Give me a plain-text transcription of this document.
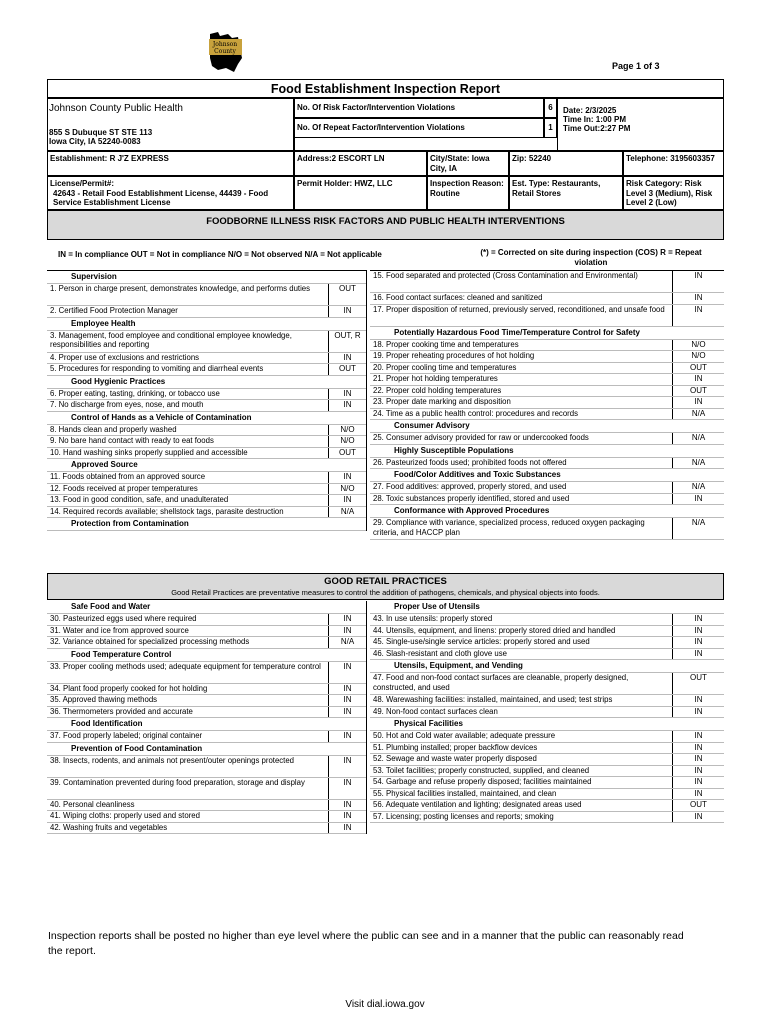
Johnson
County
Page 1 of 3
Food Establishment Inspection Report
Johnson County Public Health
855 S Dubuque ST STE 113
Iowa City, IA 52240-0083
No. Of Risk Factor/Intervention Violations	6
No. Of Repeat Factor/Intervention Violations	1
Date: 2/3/2025
Time In: 1:00 PM
Time Out:2:27 PM
Establishment: R J'Z EXPRESS	Address:2 ESCORT LN	City/State: Iowa City, IA
Zip: 52240	Telephone: 3195603357
License/Permit#:
42643 - Retail Food Establishment License, 44439 - Food Service Establishment License
Permit Holder: HWZ, LLC	Inspection Reason: Routine
Est. Type: Restaurants, Retail Stores
Risk Category: Risk Level 3 (Medium), Risk Level 2 (Low)
FOODBORNE ILLNESS RISK FACTORS AND PUBLIC HEALTH INTERVENTIONS
IN = In compliance OUT = Not in compliance N/O = Not observed N/A = Not applicable	(*) = Corrected on site during inspection (COS) R = Repeat violation
Supervision
1. Person in charge present, demonstrates knowledge, and performs duties	OUT
2. Certified Food Protection Manager	IN
Employee Health
3. Management, food employee and conditional employee knowledge, responsibilities and reporting
OUT, R
4. Proper use of exclusions and restrictions	IN
5. Procedures for responding to vomiting and diarrheal events	OUT
Good Hygienic Practices
6. Proper eating, tasting, drinking, or tobacco use	IN
7. No discharge from eyes, nose, and mouth	IN
Control of Hands as a Vehicle of Contamination
8. Hands clean and properly washed	N/O
9. No bare hand contact with ready to eat foods	N/O
10. Hand washing sinks properly supplied and accessible	OUT
Approved Source
11. Foods obtained from an approved source	IN
12. Foods received at proper temperatures	N/O
13. Food in good condition, safe, and unadulterated	IN
14. Required records available; shellstock tags, parasite destruction	N/A
Protection from Contamination
15. Food separated and protected (Cross Contamination and Environmental)	IN
16. Food contact surfaces: cleaned and sanitized	IN
17. Proper disposition of returned, previously served, reconditioned, and unsafe food	IN
Potentially Hazardous Food Time/Temperature Control for Safety
18. Proper cooking time and temperatures	N/O
19. Proper reheating procedures of hot holding	N/O
20. Proper cooling time and temperatures	OUT
21. Proper hot holding temperatures	IN
22. Proper cold holding temperatures	OUT
23. Proper date marking and disposition	IN
24. Time as a public health control: procedures and records	N/A
Consumer Advisory
25. Consumer advisory provided for raw or undercooked foods	N/A
Highly Susceptible Populations
26. Pasteurized foods used; prohibited foods not offered	N/A
Food/Color Additives and Toxic Substances
27. Food additives: approved, properly stored, and used	N/A
28. Toxic substances properly identified, stored and used	IN
Conformance with Approved Procedures
29. Compliance with variance, specialized process, reduced oxygen packaging criteria, and HACCP plan
N/A
GOOD RETAIL PRACTICES
Good Retail Practices are preventative measures to control the addition of pathogens, chemicals, and physical objects into foods.
Safe Food and Water
30. Pasteurized eggs used where required	IN
31. Water and ice from approved source	IN
32. Variance obtained for specialized processing methods	N/A
Food Temperature Control
33. Proper cooling methods used; adequate equipment for temperature control	IN
34. Plant food properly cooked for hot holding	IN
35. Approved thawing methods	IN
36. Thermometers provided and accurate	IN
Food Identification
37. Food properly labeled; original container	IN
Prevention of Food Contamination
38. Insects, rodents, and animals not present/outer openings protected	IN
39. Contamination prevented during food preparation, storage and display	IN
40. Personal cleanliness	IN
41. Wiping cloths: properly used and stored	IN
42. Washing fruits and vegetables	IN
Proper Use of Utensils
43. In use utensils: properly stored	IN
44. Utensils, equipment, and linens: properly stored dried and handled	IN
45. Single-use/single service articles: properly stored and used	IN
46. Slash-resistant and cloth glove use	IN
Utensils, Equipment, and Vending
47. Food and non-food contact surfaces are cleanable, properly designed, constructed, and used
OUT
48. Warewashing facilities: installed, maintained, and used; test strips	IN
49. Non-food contact surfaces clean	IN
Physical Facilities
50. Hot and Cold water available; adequate pressure	IN
51. Plumbing installed; proper backflow devices	IN
52. Sewage and waste water properly disposed	IN
53. Toilet facilities; properly constructed, supplied, and cleaned	IN
54. Garbage and refuse properly disposed; facilities maintained	IN
55. Physical facilities installed, maintained, and clean	IN
56. Adequate ventilation and lighting; designated areas used	OUT
57. Licensing; posting licenses and reports; smoking	IN
Inspection reports shall be posted no higher than eye level where the public can see and in a manner that the public can reasonably read the report.
Visit dial.iowa.gov
